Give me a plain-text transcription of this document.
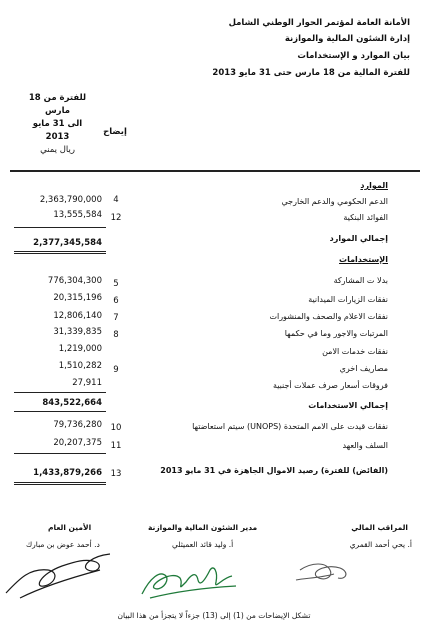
الأمانة العامة لمؤتمر الحوار الوطني الشامل
إدارة الشئون المالية والموازنة
بيان الموارد و الإستخدامات
للفترة المالية من 18 مارس حتى 31 مايو 2013
للفترة من 18
مارس
الى 31 مايو
2013
ريال يمني
إيضاح
الموارد
الدعم الحكومي والدعم الخارجي
4
2,363,790,000
الفوائد البنكية
12
13,555,584
إجمالي الموارد
2,377,345,584
الإستخدامات
بدلا ت المشاركة
5
776,304,300
نفقات الزيارات الميدانية
6
20,315,196
نفقات الاعلام والصحف والمنشورات
7
12,806,140
المرتبات والاجور وما في حكمها
8
31,339,835
نفقات خدمات الامن
1,219,000
مصاريف اخري
9
1,510,282
فروقات أسعار صرف عملات أجنبية
27,911
إجمالي الاستخدامات
843,522,664
نفقات قيدت على الامم المتحدة (UNOPS) سيتم استعاضتها
10
79,736,280
السلف والعهد
11
20,207,375
(الفائض) للفترة) رصيد الاموال الجاهزة في 31 مايو 2013
13
1,433,879,266
المراقب المالي
أ. يحي أحمد القمري
مدير الشئون المالية والموازنة
أ. وليد قائد العميثلي
الأمين العام
د. أحمد عوض بن مبارك
تشكل الإيضاحات من (1) إلى (13) جزءاً لا يتجزأ من هذا البيان
